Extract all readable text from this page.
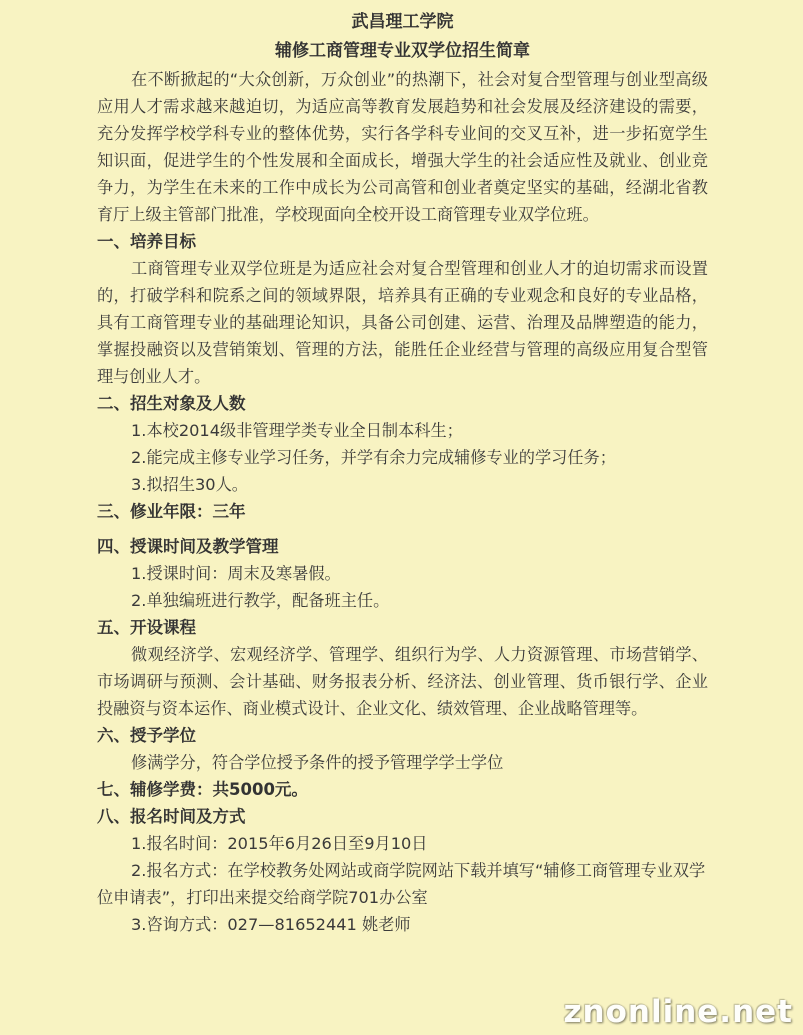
武昌理工学院
辅修工商管理专业双学位招生简章

在不断掀起的“大众创新，万众创业”的热潮下，社会对复合型管理与创业型高级应用人才需求越来越迫切，为适应高等教育发展趋势和社会发展及经济建设的需要，充分发挥学校学科专业的整体优势，实行各学科专业间的交叉互补，进一步拓宽学生知识面，促进学生的个性发展和全面成长，增强大学生的社会适应性及就业、创业竞争力，为学生在未来的工作中成长为公司高管和创业者奠定坚实的基础，经湖北省教育厅上级主管部门批准，学校现面向全校开设工商管理专业双学位班。

一、培养目标

工商管理专业双学位班是为适应社会对复合型管理和创业人才的迫切需求而设置的，打破学科和院系之间的领域界限，培养具有正确的专业观念和良好的专业品格，具有工商管理专业的基础理论知识，具备公司创建、运营、治理及品牌塑造的能力，掌握投融资以及营销策划、管理的方法，能胜任企业经营与管理的高级应用复合型管理与创业人才。

二、招生对象及人数
1.本校2014级非管理学类专业全日制本科生；
2.能完成主修专业学习任务，并学有余力完成辅修专业的学习任务；
3.拟招生30人。
三、修业年限：三年
四、授课时间及教学管理
1.授课时间：周末及寒暑假。
2.单独编班进行教学，配备班主任。
五、开设课程

微观经济学、宏观经济学、管理学、组织行为学、人力资源管理、市场营销学、市场调研与预测、会计基础、财务报表分析、经济法、创业管理、货币银行学、企业投融资与资本运作、商业模式设计、企业文化、绩效管理、企业战略管理等。

六、授予学位
修满学分，符合学位授予条件的授予管理学学士学位
七、辅修学费：共5000元。
八、报名时间及方式
1.报名时间：2015年6月26日至9月10日
2.报名方式：在学校教务处网站或商学院网站下载并填写“辅修工商管理专业双学位申请表”，打印出来提交给商学院701办公室
3.咨询方式：027—81652441 姚老师
znonline.net
